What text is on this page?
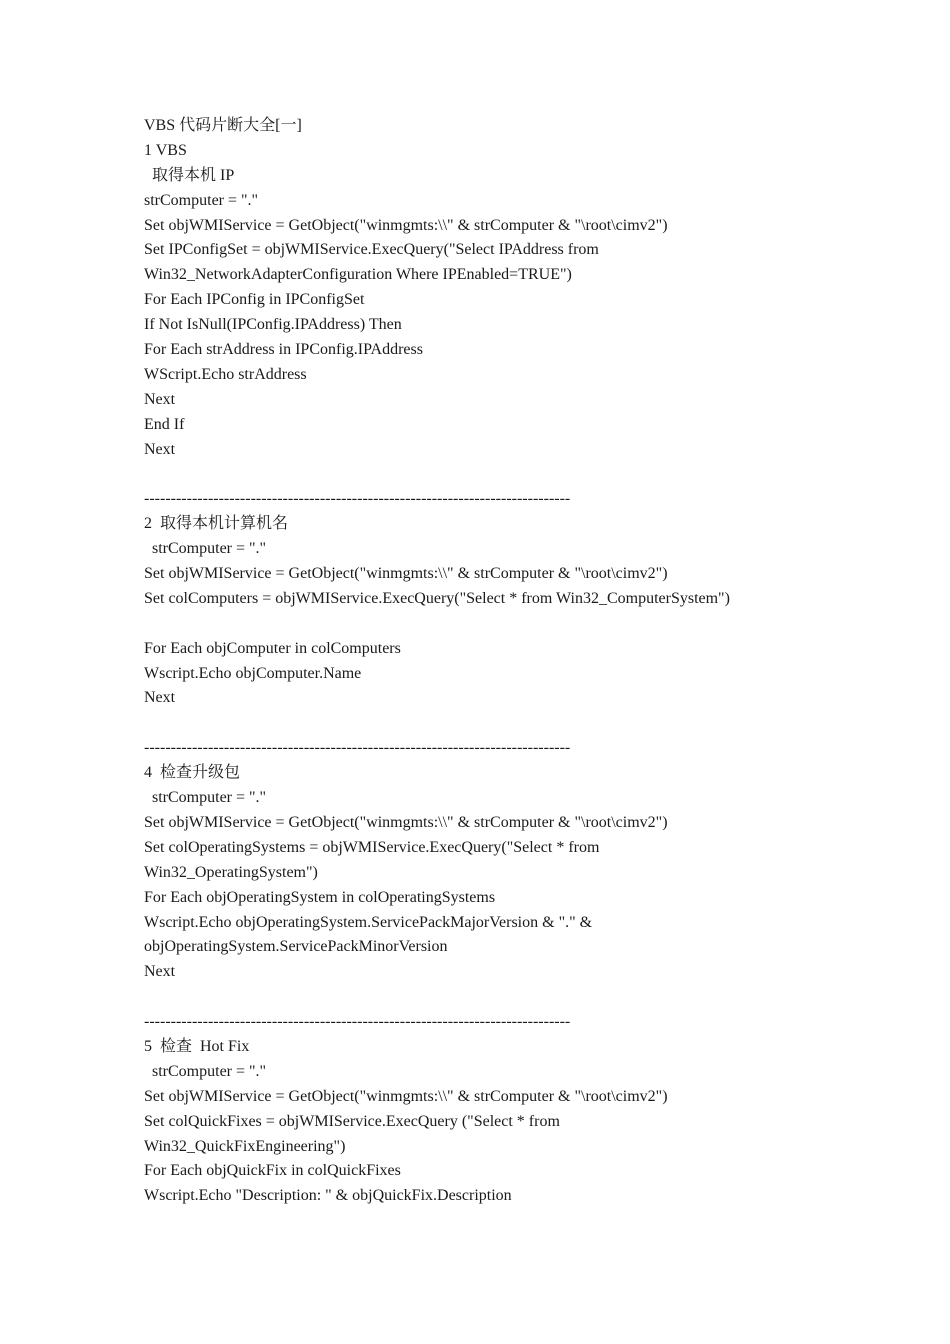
VBS 代码片断大全[一]
1 VBS
取得本机 IP
strComputer = "."
Set objWMIService = GetObject("winmgmts:\\" & strComputer & "\root\cimv2")
Set IPConfigSet = objWMIService.ExecQuery("Select IPAddress from
Win32_NetworkAdapterConfiguration Where IPEnabled=TRUE")
For Each IPConfig in IPConfigSet
If Not IsNull(IPConfig.IPAddress) Then
For Each strAddress in IPConfig.IPAddress
WScript.Echo strAddress
Next
End If
Next
--------------------------------------------------------------------------------
2  取得本机计算机名
strComputer = "."
Set objWMIService = GetObject("winmgmts:\\" & strComputer & "\root\cimv2")
Set colComputers = objWMIService.ExecQuery("Select * from Win32_ComputerSystem")
For Each objComputer in colComputers
Wscript.Echo objComputer.Name
Next
--------------------------------------------------------------------------------
4  检查升级包
strComputer = "."
Set objWMIService = GetObject("winmgmts:\\" & strComputer & "\root\cimv2")
Set colOperatingSystems = objWMIService.ExecQuery("Select * from
Win32_OperatingSystem")
For Each objOperatingSystem in colOperatingSystems
Wscript.Echo objOperatingSystem.ServicePackMajorVersion & "." &
objOperatingSystem.ServicePackMinorVersion
Next
--------------------------------------------------------------------------------
5  检查  Hot Fix
strComputer = "."
Set objWMIService = GetObject("winmgmts:\\" & strComputer & "\root\cimv2")
Set colQuickFixes = objWMIService.ExecQuery ("Select * from
Win32_QuickFixEngineering")
For Each objQuickFix in colQuickFixes
Wscript.Echo "Description: " & objQuickFix.Description
